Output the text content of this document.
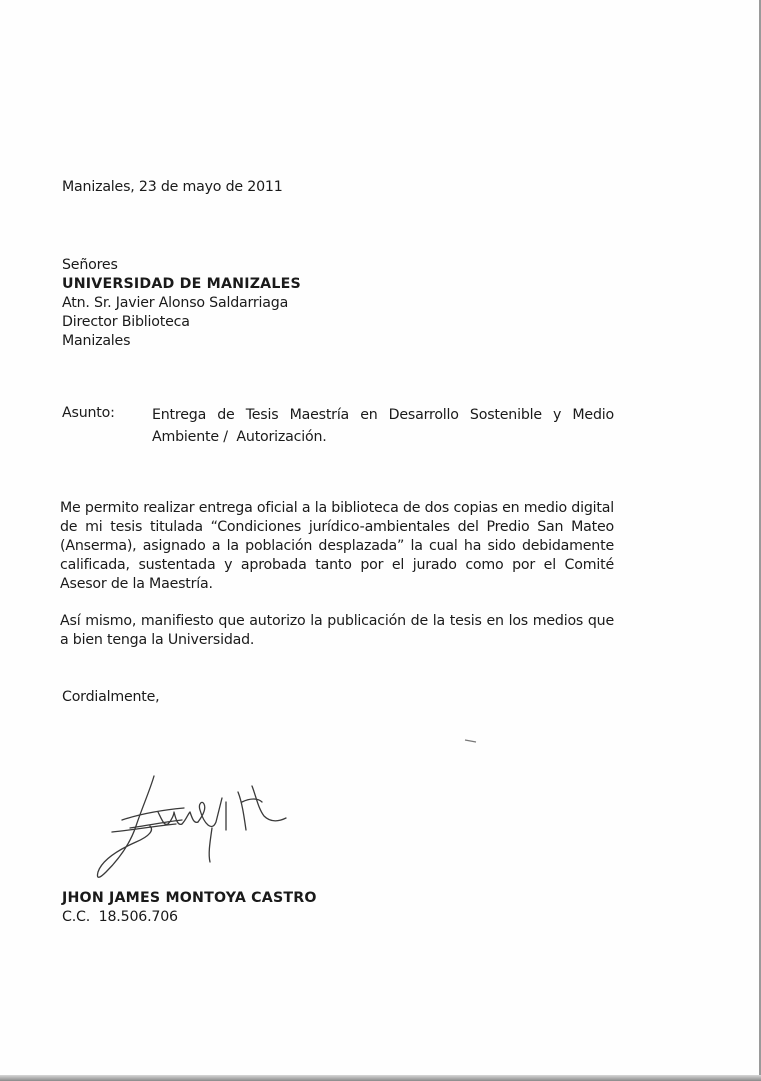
Manizales, 23 de mayo de 2011
Señores
UNIVERSIDAD DE MANIZALES
Atn. Sr. Javier Alonso Saldarriaga
Director Biblioteca
Manizales
Asunto:	Entrega de Tesis Maestría en Desarrollo Sostenible y Medio
Ambiente /  Autorización.
Me permito realizar entrega oficial a la biblioteca de dos copias en medio digital
de mi tesis titulada “Condiciones jurídico-ambientales del Predio San Mateo
(Anserma), asignado a la población desplazada” la cual ha sido debidamente
calificada, sustentada y aprobada tanto por el jurado como por el Comité
Asesor de la Maestría.
Así mismo, manifiesto que autorizo la publicación de la tesis en los medios que
a bien tenga la Universidad.
Cordialmente,
JHON JAMES MONTOYA CASTRO
C.C.  18.506.706
